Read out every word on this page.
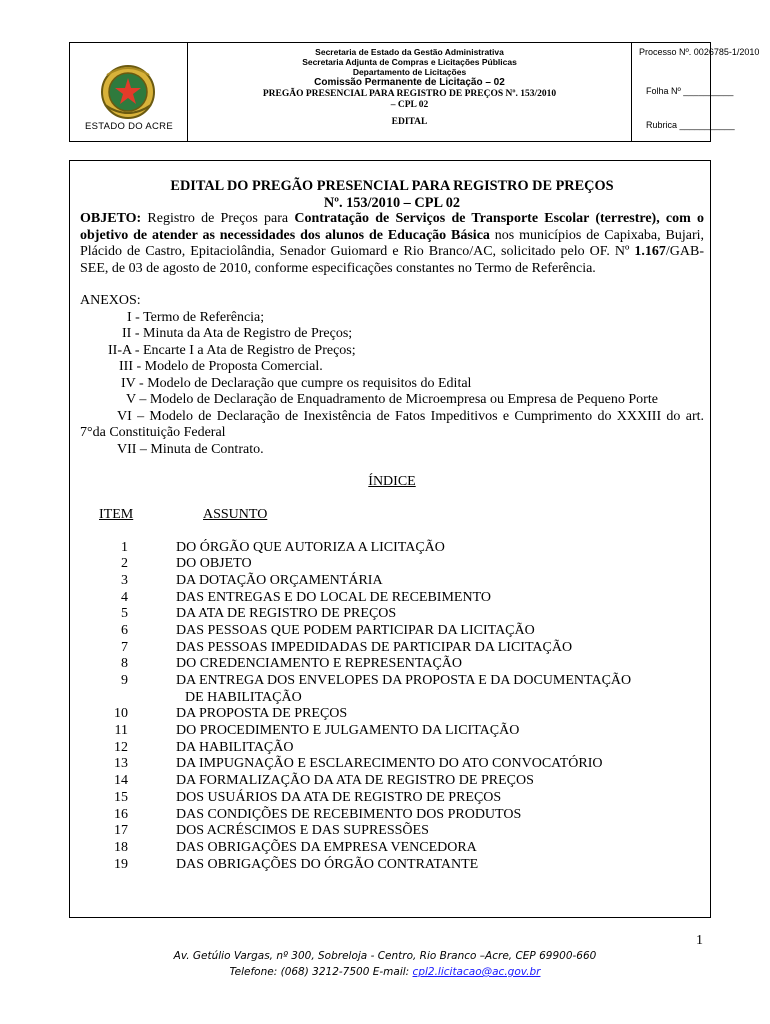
ESTADO DO ACRE
Secretaria de Estado da Gestão Administrativa
Secretaria Adjunta de Compras e Licitações Públicas
Departamento de Licitações
Comissão Permanente de Licitação – 02
PREGÃO PRESENCIAL PARA REGISTRO DE PREÇOS Nº. 153/2010
– CPL 02
EDITAL
Processo Nº. 0026785-1/2010
Folha Nº __________
Rubrica ___________
EDITAL DO PREGÃO PRESENCIAL PARA REGISTRO DE PREÇOS
Nº. 153/2010 – CPL 02

OBJETO: Registro de Preços para Contratação de Serviços de Transporte Escolar (terrestre), com o objetivo de atender as necessidades dos alunos de Educação Básica nos municípios de Capixaba, Bujari, Plácido de Castro, Epitaciolândia, Senador Guiomard e Rio Branco/AC, solicitado pelo OF. Nº 1.167/GAB-SEE, de 03 de agosto de 2010, conforme especificações constantes no Termo de Referência.

ANEXOS:
I - Termo de Referência;
II - Minuta da Ata de Registro de Preços;
II-A - Encarte I a Ata de Registro de Preços;
III - Modelo de Proposta Comercial.
IV - Modelo de Declaração que cumpre os requisitos do Edital

V – Modelo de Declaração de Enquadramento de Microempresa ou Empresa de Pequeno Porte

VI – Modelo de Declaração de Inexistência de Fatos Impeditivos e Cumprimento do XXXIII do art. 7°da Constituição Federal

VII – Minuta de Contrato.
ÍNDICE
ITEM	ASSUNTO
1	DO ÓRGÃO QUE AUTORIZA A LICITAÇÃO
2	DO OBJETO
3	DA DOTAÇÃO ORÇAMENTÁRIA
4	DAS ENTREGAS E DO LOCAL DE RECEBIMENTO
5	DA ATA DE REGISTRO DE PREÇOS
6	DAS PESSOAS QUE PODEM PARTICIPAR DA LICITAÇÃO
7	DAS PESSOAS IMPEDIDADAS DE PARTICIPAR DA LICITAÇÃO
8	DO CREDENCIAMENTO E REPRESENTAÇÃO
9	DA ENTREGA DOS ENVELOPES DA PROPOSTA E DA DOCUMENTAÇÃO
DE HABILITAÇÃO
10	DA PROPOSTA DE PREÇOS
11	DO PROCEDIMENTO E JULGAMENTO DA LICITAÇÃO
12	DA HABILITAÇÃO
13	DA IMPUGNAÇÃO E ESCLARECIMENTO DO ATO CONVOCATÓRIO
14	DA FORMALIZAÇÃO DA ATA DE REGISTRO DE PREÇOS
15	DOS USUÁRIOS DA ATA DE REGISTRO DE PREÇOS
16	DAS CONDIÇÕES DE RECEBIMENTO DOS PRODUTOS
17	DOS ACRÉSCIMOS E DAS SUPRESSÕES
18	DAS OBRIGAÇÕES DA EMPRESA VENCEDORA
19	DAS OBRIGAÇÕES DO ÓRGÃO CONTRATANTE
1
Av. Getúlio Vargas, nº 300, Sobreloja - Centro, Rio Branco –Acre, CEP 69900-660
Telefone: (068) 3212-7500 E-mail: cpl2.licitacao@ac.gov.br
